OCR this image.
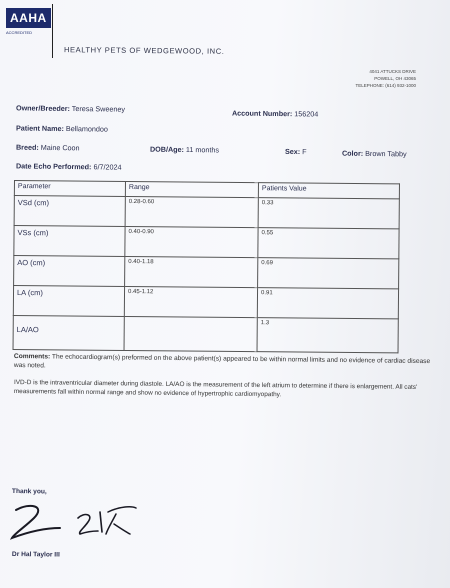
AAHA
ACCREDITED
HEALTHY PETS OF WEDGEWOOD, INC.
4041 ATTUCKS DRIVE
POWELL, OH 43065
TELEPHONE: (614) 932-1000
Owner/Breeder: Teresa Sweeney	Account Number: 156204
Patient Name: Bellamondoo
Breed: Maine Coon	DOB/Age: 11 months	Sex: F	Color: Brown Tabby
Date Echo Performed: 6/7/2024
Parameter	Range	Patients Value
VSd (cm)	0.28-0.60	0.33
VSs (cm)	0.40-0.90	0.55
AO (cm)	0.40-1.18	0.69
LA (cm)	0.45-1.12	0.91
LA/AO		1.3
Comments: The echocardiogram(s) preformed on the above patient(s) appeared to be within normal limits and no evidence of cardiac disease was noted.
IVD-D is the intraventricular diameter during diastole. LA/AO is the measurement of the left atrium to determine if there is enlargement. All cats' measurements fall within normal range and show no evidence of hypertrophic cardiomyopathy.
Thank you,
Dr Hal Taylor III
